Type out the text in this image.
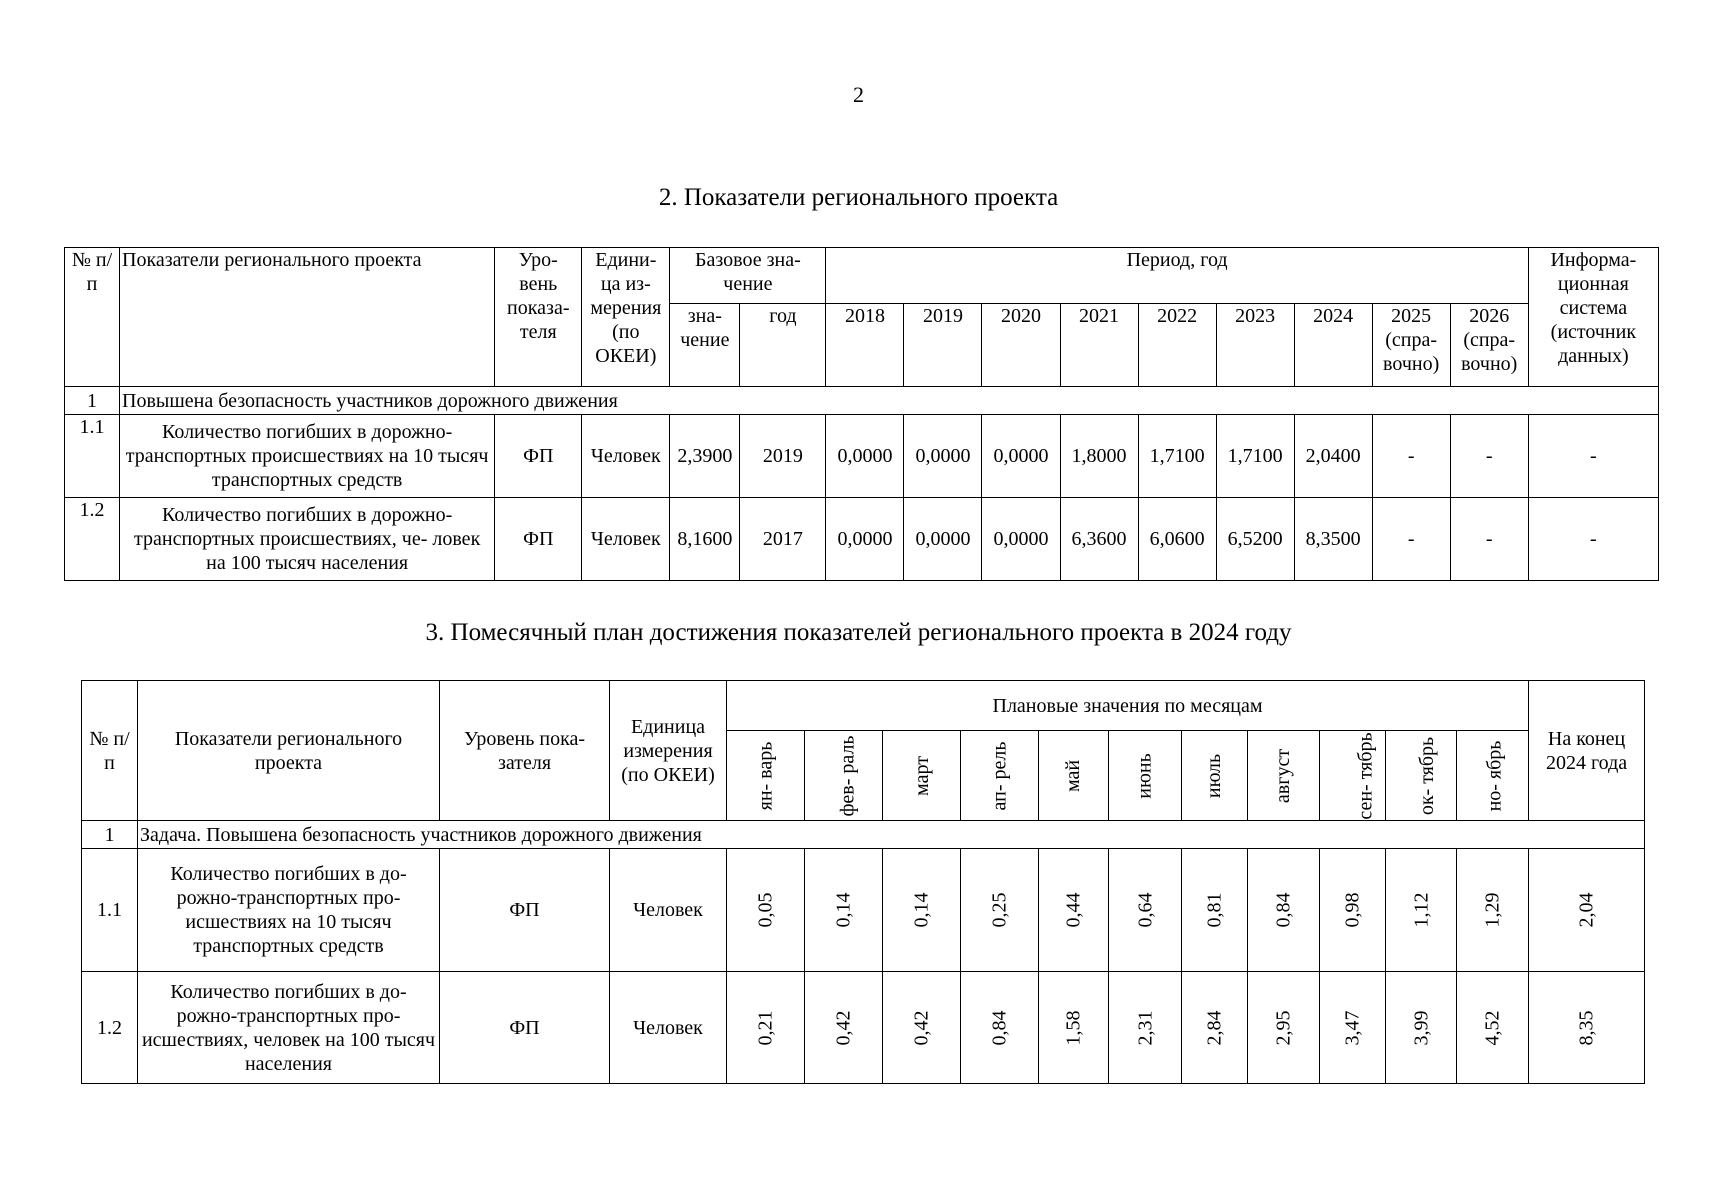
2
2. Показатели регионального проекта
№ п/п	Показатели регионального проекта	Уро- вень показа- теля	Едини- ца из- мерения (по ОКЕИ)	Базовое зна- чение		Период, год									Информа- ционная система (источник данных)
				зна- чение	год	2018	2019	2020	2021	2022	2023	2024	2025 (спра- вочно)	2026 (спра- вочно)	
1	Повышена безопасность участников дорожного движения														
1.1	Количество погибших в дорожно- транспортных происшествиях на 10 тысяч транспортных средств	ФП	Человек	2,3900	2019	0,0000	0,0000	0,0000	1,8000	1,7100	1,7100	2,0400	-	-	-
1.2	Количество погибших в дорожно- транспортных происшествиях, че- ловек на 100 тысяч населения	ФП	Человек	8,1600	2017	0,0000	0,0000	0,0000	6,3600	6,0600	6,5200	8,3500	-	-	-
3. Помесячный план достижения показателей регионального проекта в 2024 году
№ п/п	Показатели регионального проекта	Уровень пока- зателя	Единица измерения (по ОКЕИ)	Плановые значения по месяцам											На конец 2024 года
				ян- варь	фев- раль	март	ап- рель	май	июнь	июль	август	сен- тябрь	ок- тябрь	но- ябрь	
1	Задача. Повышена безопасность участников дорожного движения														
1.1	Количество погибших в до- рожно-транспортных про- исшествиях на 10 тысяч транспортных средств	ФП	Человек	0,05	0,14	0,14	0,25	0,44	0,64	0,81	0,84	0,98	1,12	1,29	2,04
1.2	Количество погибших в до- рожно-транспортных про- исшествиях, человек на 100 тысяч населения	ФП	Человек	0,21	0,42	0,42	0,84	1,58	2,31	2,84	2,95	3,47	3,99	4,52	8,35
